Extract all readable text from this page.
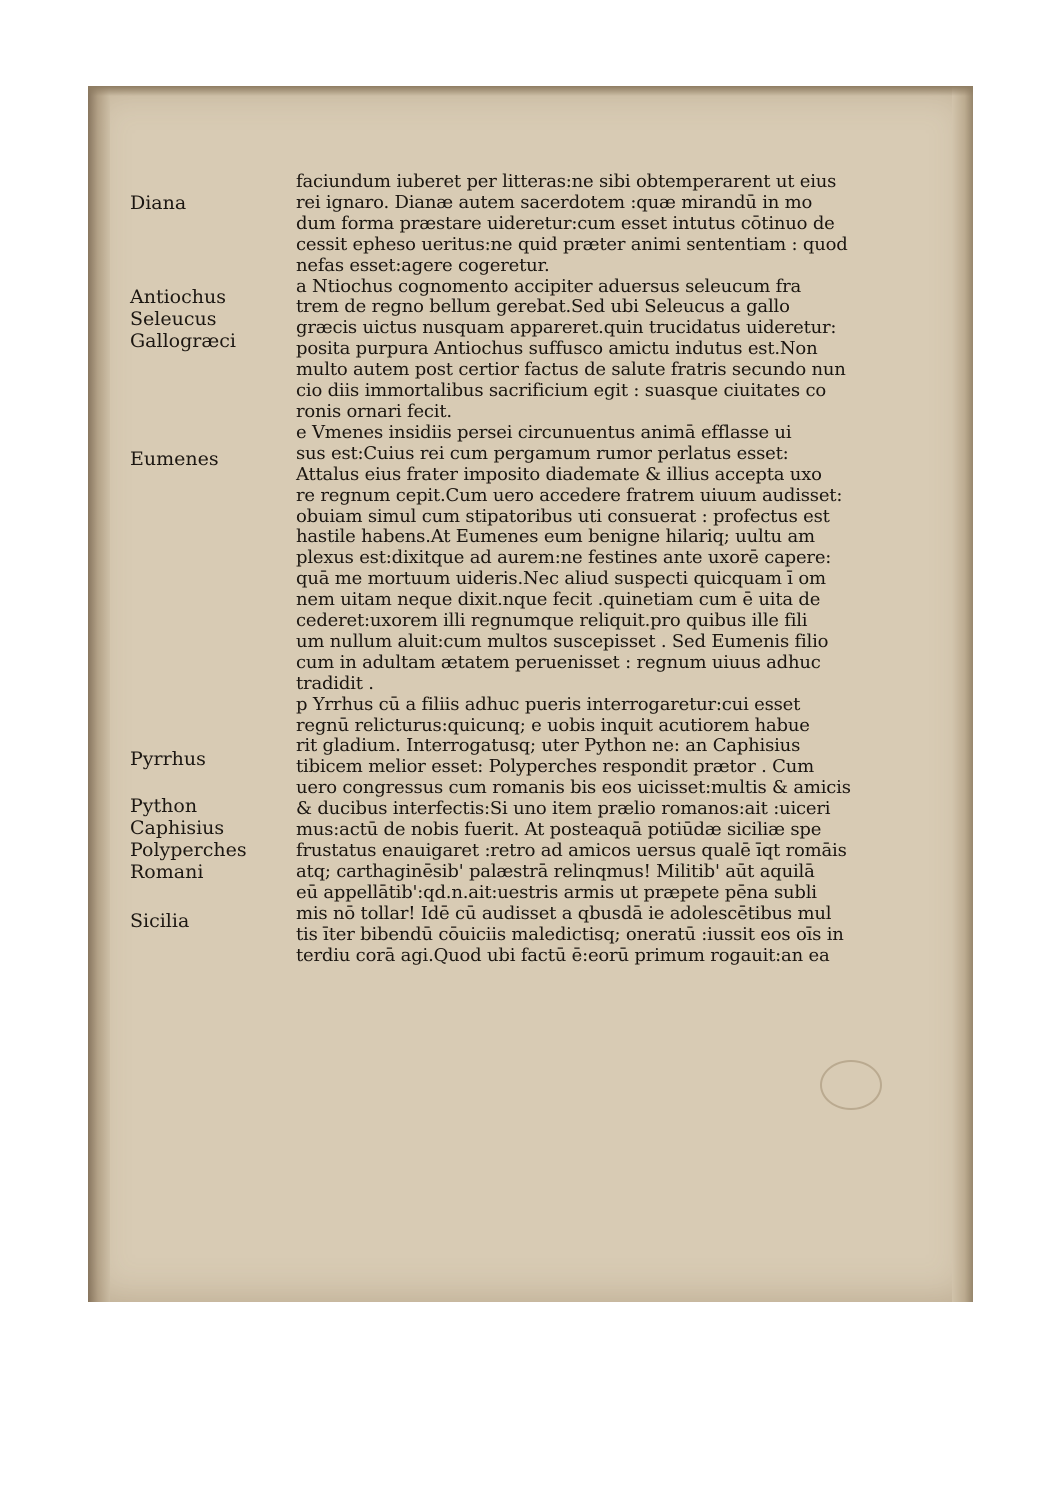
Diana
Antiochus
Seleucus
Gallogræci
Eumenes
Pyrrhus
Python
Caphisius
Polyperches
Romani
Sicilia
faciundum iuberet per litteras:ne sibi obtemperarent ut eius
rei ignaro. Dianæ autem sacerdotem :quæ mirandū in mo
dum forma præstare uideretur:cum esset intutus cōtinuo de
cessit epheso ueritus:ne quid præter animi sententiam : quod
nefas esset:agere cogeretur.
a Ntiochus cognomento accipiter aduersus seleucum fra
trem de regno bellum gerebat.Sed ubi Seleucus a gallo
græcis uictus nusquam appareret.quin trucidatus uideretur:
posita purpura Antiochus suffusco amictu indutus est.Non
multo autem post certior factus de salute fratris secundo nun
cio diis immortalibus sacrificium egit : suasque ciuitates co
ronis ornari fecit.
e Vmenes insidiis persei circunuentus animā efflasse ui
sus est:Cuius rei cum pergamum rumor perlatus esset:
Attalus eius frater imposito diademate & illius accepta uxo
re regnum cepit.Cum uero accedere fratrem uiuum audisset:
obuiam simul cum stipatoribus uti consuerat : profectus est
hastile habens.At Eumenes eum benigne hilariq; uultu am
plexus est:dixitque ad aurem:ne festines ante uxorē capere:
quā me mortuum uideris.Nec aliud suspecti quicquam ī om
nem uitam neque dixit.nque fecit .quinetiam cum ē uita de
cederet:uxorem illi regnumque reliquit.pro quibus ille fili
um nullum aluit:cum multos suscepisset . Sed Eumenis filio
cum in adultam ætatem peruenisset : regnum uiuus adhuc
tradidit .
p Yrrhus cū a filiis adhuc pueris interrogaretur:cui esset
regnū relicturus:quicunq; e uobis inquit acutiorem habue
rit gladium. Interrogatusq; uter Python ne: an Caphisius
tibicem melior esset: Polyperches respondit prætor . Cum
uero congressus cum romanis bis eos uicisset:multis & amicis
& ducibus interfectis:Si uno item prælio romanos:ait :uiceri
mus:actū de nobis fuerit. At posteaquā potiūdæ siciliæ spe
frustatus enauigaret :retro ad amicos uersus qualē īqt romāis
atq; carthaginēsib' palæstrā relinqmus! Militib' aūt aquilā
eū appellātib':qd.n.ait:uestris armis ut præpete pēna subli
mis nō tollar! Idē cū audisset a qbusdā ie adolescētibus mul
tis īter bibendū cōuiciis maledictisq; oneratū :iussit eos oīs in
terdiu corā agi.Quod ubi factū ē:eorū primum rogauit:an ea
